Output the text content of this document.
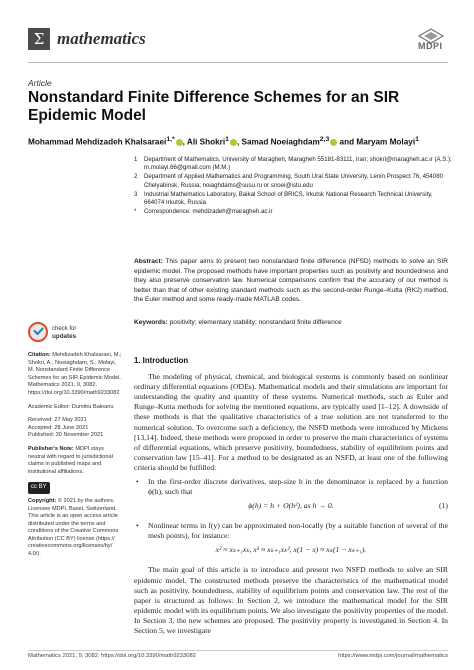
Σ mathematics	MDPI
Article
Nonstandard Finite Difference Schemes for an SIR Epidemic Model
Mohammad Mehdizadeh Khalsaraei$^{1,*}$ , Ali Shokri$^1$ , Samad Noeiaghdam$^{2,3}$ and Maryam Molayi$^1$
1 Department of Mathematics, University of Maragheh, Maragheh 55181-83111, Iran; shokri@maragheh.ac.ir (A.S.); m.molayi.66@gmail.com (M.M.)
2 Department of Applied Mathematics and Programming, South Ural State University, Lenin Prospect 76, 454080 Chelyabinsk, Russia; noiaghdams@susu.ru or snoei@istu.edu
3 Industrial Mathematics Laboratory, Baikal School of BRICS, Irkutsk National Research Technical University, 664074 Irkutsk, Russia
* Correspondence: mehdizadeh@maragheh.ac.ir
Abstract: This paper aims to present two nonstandard finite difference (NFSD) methods to solve an SIR epidemic model. The proposed methods have important properties such as positivity and boundedness and they also preserve conservation law. Numerical comparisons confirm that the accuracy of our method is better than that of other existing standard methods such as the second-order Runge–Kutta (RK2) method, the Euler method and some ready-made MATLAB codes.
Keywords: positivity; elementary stability; nonstandard finite difference
check for
updates
Citation: Mehdizadeh Khalsaraei, M.; Shokri, A.; Noeiaghdam, S.; Molayi, M. Nonstandard Finite Difference Schemes for an SIR Epidemic Model. Mathematics 2021, 9, 3082. https://doi.org/10.3390/math9233082
Academic Editor: Dumitru Baleanu
Received: 27 May 2021
Accepted: 28 June 2021
Published: 30 November 2021
Publisher's Note: MDPI stays neutral with regard to jurisdictional claims in published maps and institutional affiliations.
cc BY
Copyright: © 2021 by the authors. Licensee MDPI, Basel, Switzerland. This article is an open access article distributed under the terms and conditions of the Creative Commons Attribution (CC BY) license (https:// creativecommons.org/licenses/by/ 4.0/).
1. Introduction

The modeling of physical, chemical, and biological systems is commonly based on nonlinear ordinary differential equations (ODEs). Mathematical models and their simulations are important for understanding the quality and quantity of these systems. Numerical methods, such as Euler and Runge–Kutta methods for solving the mentioned equations, are typically used [1–12]. A downside of these methods is that the qualitative characteristics of a true solution are not transferred to the numerical solution. To overcome such a deficiency, the NSFD methods were introduced by Mickens [13,14]. Indeed, these methods were proposed in order to preserve the main characteristics of systems of differential equations, which preserve positivity, boundedness, stability of equilibrium points and conservation law [15–41]. For a method to be designated as an NSFD, at least one of the following criteria should be fulfilled:

• In the first-order discrete derivatives, step-size h in the denominator is replaced by a function ϕ(h), such that
ϕ(h) = h + O(h²), as h → 0.	(1)
• Nonlinear terms in f(y) can be approximated non-locally (by a suitable function of several of the mesh points), for instance:
x² ≈ xₖ₊₁xₖ, x³ ≈ xₖ₊₁xₖ², x(1 − x) ≈ xₖ(1 − xₖ₊₁).

The main goal of this article is to introduce and present two NSFD methods to solve an SIR epidemic model. The constructed methods preserve the characteristics of the mathematical model such as positivity, boundedness, stability of equilibrium points and conservation law. The rest of the paper is structured as follows: In Section 2, we introduce the mathematical model for the SIR epidemic model with its equilibrium points. We also investigate the positivity properties of the model. In Section 3, the new schemes are proposed. The positivity property is investigated in Section 4. In Section 5, we investigate

Mathematics 2021, 9, 3082. https://doi.org/10.3390/math9233082	https://www.mdpi.com/journal/mathematics
